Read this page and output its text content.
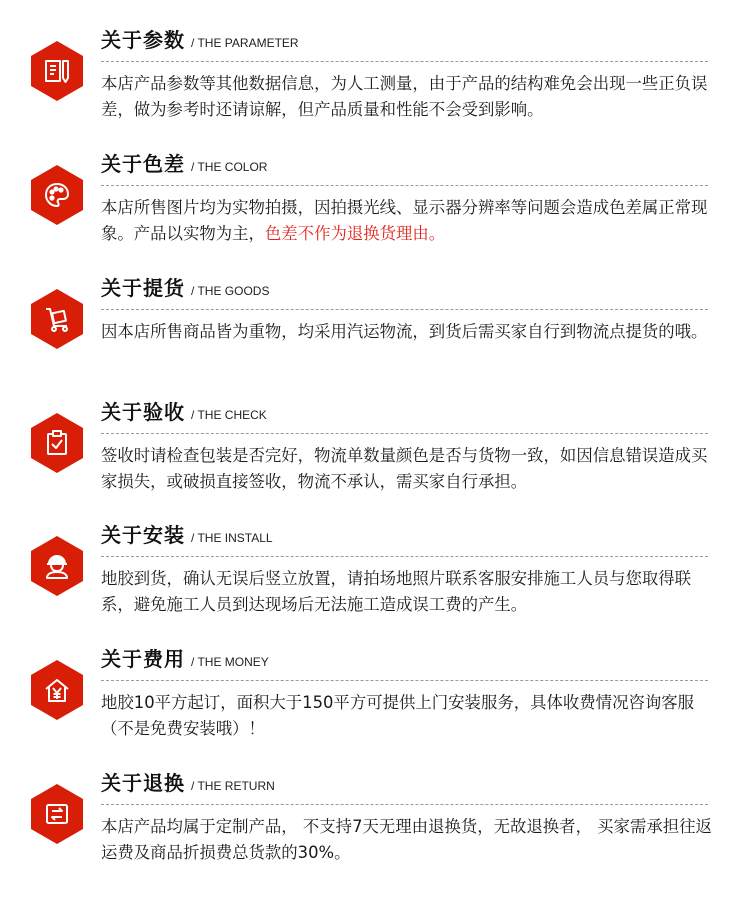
关于参数 / THE PARAMETER
本店产品参数等其他数据信息，为人工测量，由于产品的结构难免会出现一些正负误差，做为参考时还请谅解，但产品质量和性能不会受到影响。
关于色差 / THE COLOR
本店所售图片均为实物拍摄，因拍摄光线、显示器分辨率等问题会造成色差属正常现象。产品以实物为主，色差不作为退换货理由。
关于提货 / THE GOODS
因本店所售商品皆为重物，均采用汽运物流，到货后需买家自行到物流点提货的哦。
关于验收 / THE CHECK
签收时请检查包装是否完好，物流单数量颜色是否与货物一致，如因信息错误造成买家损失，或破损直接签收，物流不承认，需买家自行承担。
关于安装 / THE INSTALL
地胶到货，确认无误后竖立放置，请拍场地照片联系客服安排施工人员与您取得联系，避免施工人员到达现场后无法施工造成误工费的产生。
关于费用 / THE MONEY
地胶10平方起订，面积大于150平方可提供上门安装服务，具体收费情况咨询客服（不是免费安装哦）！
关于退换 / THE RETURN
本店产品均属于定制产品， 不支持7天无理由退换货，无故退换者， 买家需承担往返运费及商品折损费总货款的30%。
